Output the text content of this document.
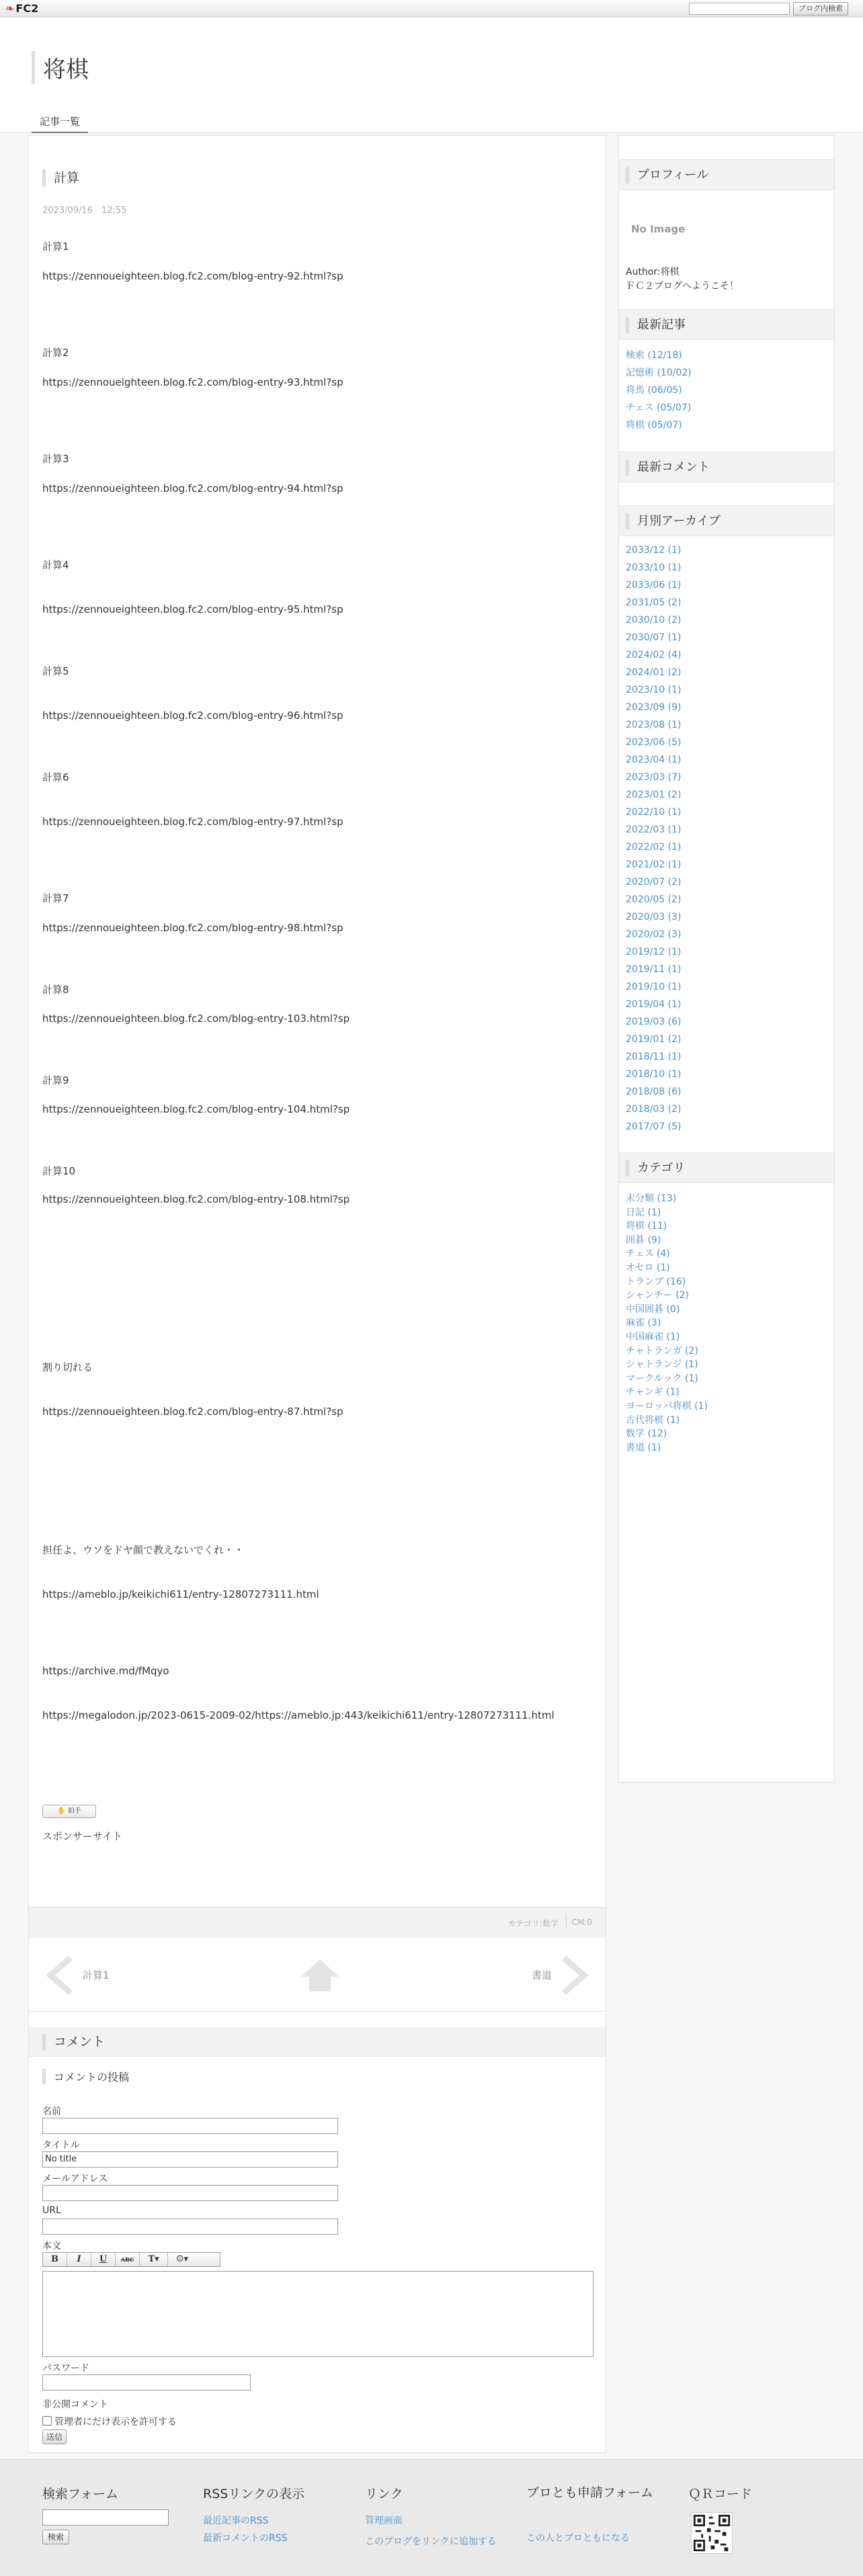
❧ FC2	ブログ内検索
将棋
記事一覧
計算
2023/09/16　12:55
計算1
https://zennoueighteen.blog.fc2.com/blog-entry-92.html?sp
計算2
https://zennoueighteen.blog.fc2.com/blog-entry-93.html?sp
計算3
https://zennoueighteen.blog.fc2.com/blog-entry-94.html?sp
計算4
https://zennoueighteen.blog.fc2.com/blog-entry-95.html?sp
計算5
https://zennoueighteen.blog.fc2.com/blog-entry-96.html?sp
計算6
https://zennoueighteen.blog.fc2.com/blog-entry-97.html?sp
計算7
https://zennoueighteen.blog.fc2.com/blog-entry-98.html?sp
計算8
https://zennoueighteen.blog.fc2.com/blog-entry-103.html?sp
計算9
https://zennoueighteen.blog.fc2.com/blog-entry-104.html?sp
計算10
https://zennoueighteen.blog.fc2.com/blog-entry-108.html?sp
割り切れる
https://zennoueighteen.blog.fc2.com/blog-entry-87.html?sp
担任よ、ウソをドヤ顔で教えないでくれ・・
https://ameblo.jp/keikichi611/entry-12807273111.html
https://archive.md/fMqyo
https://megalodon.jp/2023-0615-2009-02/https://ameblo.jp:443/keikichi611/entry-12807273111.html
✋ 拍手
スポンサーサイト
カテゴリ:数学 CM:0
計算1	書道
コメント
コメントの投稿
名前
タイトル
No title
メールアドレス
URL
本文
B	I	U	ABC	T▾	☺▾
パスワード
非公開コメント
管理者にだけ表示を許可する
送信
プロフィール
No Image
Author:将棋
ＦＣ２ブログへようこそ！
最新記事
検索 (12/18)
記憶術 (10/02)
将馬 (06/05)
チェス (05/07)
将棋 (05/07)
最新コメント
月別アーカイブ
2033/12 (1)
2033/10 (1)
2033/06 (1)
2031/05 (2)
2030/10 (2)
2030/07 (1)
2024/02 (4)
2024/01 (2)
2023/10 (1)
2023/09 (9)
2023/08 (1)
2023/06 (5)
2023/04 (1)
2023/03 (7)
2023/01 (2)
2022/10 (1)
2022/03 (1)
2022/02 (1)
2021/02 (1)
2020/07 (2)
2020/05 (2)
2020/03 (3)
2020/02 (3)
2019/12 (1)
2019/11 (1)
2019/10 (1)
2019/04 (1)
2019/03 (6)
2019/01 (2)
2018/11 (1)
2018/10 (1)
2018/08 (6)
2018/03 (2)
2017/07 (5)
カテゴリ
未分類 (13)
日記 (1)
将棋 (11)
囲碁 (9)
チェス (4)
オセロ (1)
トランプ (16)
シャンチー (2)
中国囲碁 (0)
麻雀 (3)
中国麻雀 (1)
チャトランガ (2)
シャトランジ (1)
マークルック (1)
チャンギ (1)
ヨーロッパ将棋 (1)
古代将棋 (1)
数学 (12)
書道 (1)
検索フォーム
検索
RSSリンクの表示
最近記事のRSS
最新コメントのRSS
リンク
管理画面
このブログをリンクに追加する
ブロとも申請フォーム
この人とブロともになる
ＱＲコード
